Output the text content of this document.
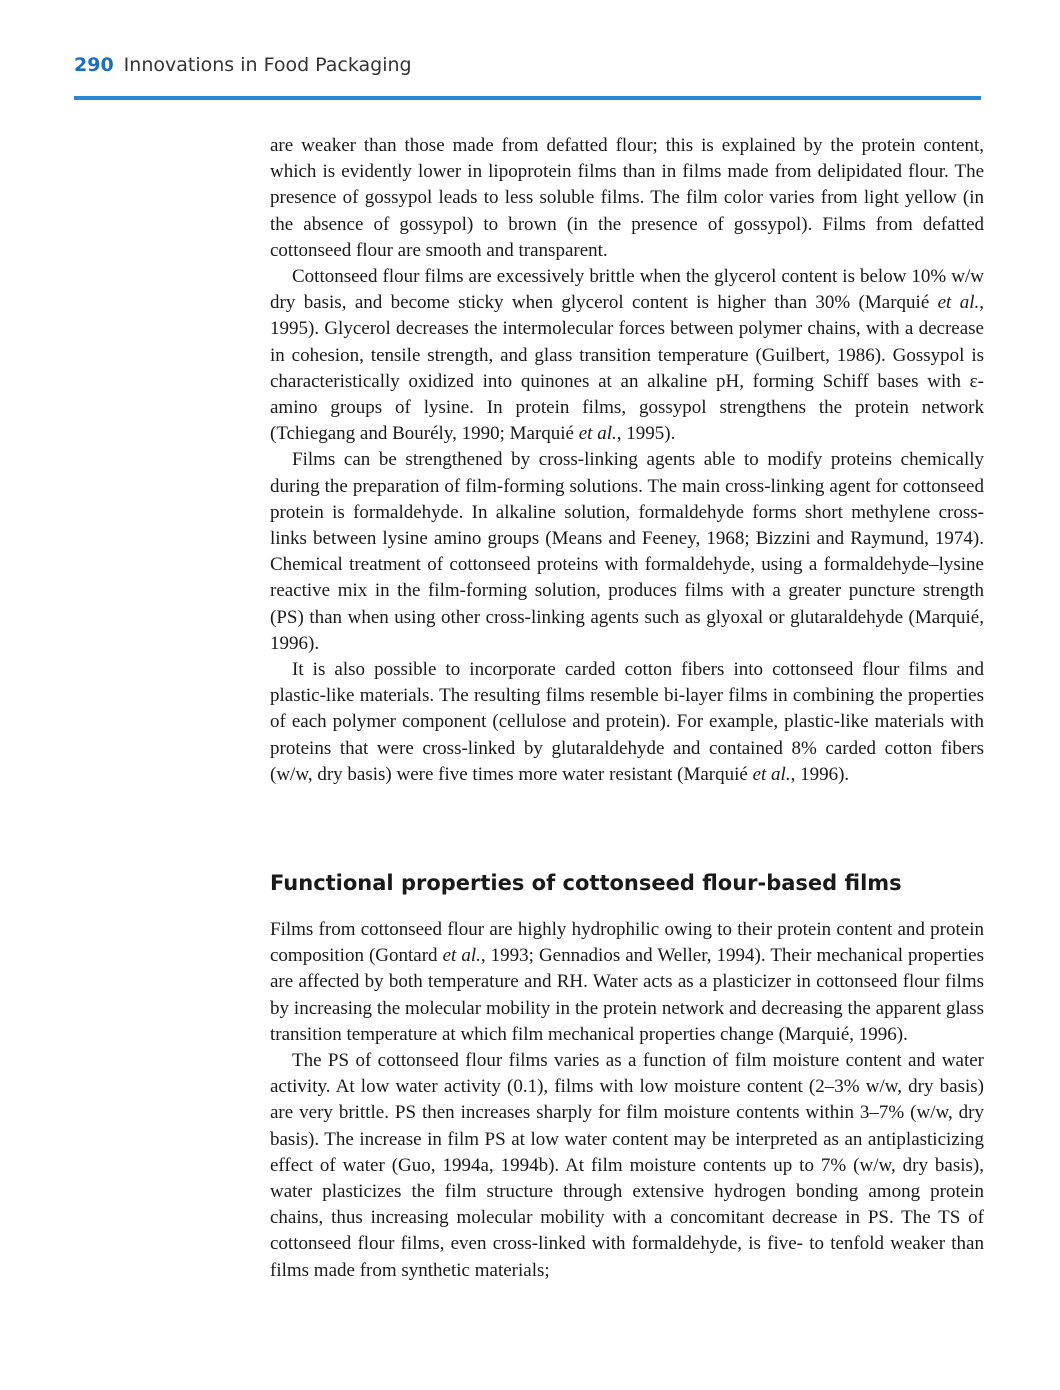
290 Innovations in Food Packaging

are weaker than those made from defatted flour; this is explained by the protein content, which is evidently lower in lipoprotein films than in films made from delipidated flour. The presence of gossypol leads to less soluble films. The film color varies from light yellow (in the absence of gossypol) to brown (in the presence of gossypol). Films from defatted cottonseed flour are smooth and transparent.

Cottonseed flour films are excessively brittle when the glycerol content is below 10% w/w dry basis, and become sticky when glycerol content is higher than 30% (Marquié et al., 1995). Glycerol decreases the intermolecular forces between polymer chains, with a decrease in cohesion, tensile strength, and glass transition temperature (Guilbert, 1986). Gossypol is characteristically oxidized into quinones at an alkaline pH, forming Schiff bases with ε-amino groups of lysine. In protein films, gossypol strengthens the protein network (Tchiegang and Bourély, 1990; Marquié et al., 1995).

Films can be strengthened by cross-linking agents able to modify proteins chemically during the preparation of film-forming solutions. The main cross-linking agent for cottonseed protein is formaldehyde. In alkaline solution, formaldehyde forms short methylene cross-links between lysine amino groups (Means and Feeney, 1968; Bizzini and Raymund, 1974). Chemical treatment of cottonseed proteins with formaldehyde, using a formaldehyde–lysine reactive mix in the film-forming solution, produces films with a greater puncture strength (PS) than when using other cross-linking agents such as glyoxal or glutaraldehyde (Marquié, 1996).

It is also possible to incorporate carded cotton fibers into cottonseed flour films and plastic-like materials. The resulting films resemble bi-layer films in combining the properties of each polymer component (cellulose and protein). For example, plastic-like materials with proteins that were cross-linked by glutaraldehyde and contained 8% carded cotton fibers (w/w, dry basis) were five times more water resistant (Marquié et al., 1996).

Functional properties of cottonseed flour-based films

Films from cottonseed flour are highly hydrophilic owing to their protein content and protein composition (Gontard et al., 1993; Gennadios and Weller, 1994). Their mechanical properties are affected by both temperature and RH. Water acts as a plasticizer in cottonseed flour films by increasing the molecular mobility in the protein network and decreasing the apparent glass transition temperature at which film mechanical properties change (Marquié, 1996).

The PS of cottonseed flour films varies as a function of film moisture content and water activity. At low water activity (0.1), films with low moisture content (2–3% w/w, dry basis) are very brittle. PS then increases sharply for film moisture contents within 3–7% (w/w, dry basis). The increase in film PS at low water content may be interpreted as an antiplasticizing effect of water (Guo, 1994a, 1994b). At film moisture contents up to 7% (w/w, dry basis), water plasticizes the film structure through extensive hydrogen bonding among protein chains, thus increasing molecular mobility with a concomitant decrease in PS. The TS of cottonseed flour films, even cross-linked with formaldehyde, is five- to tenfold weaker than films made from synthetic materials;
